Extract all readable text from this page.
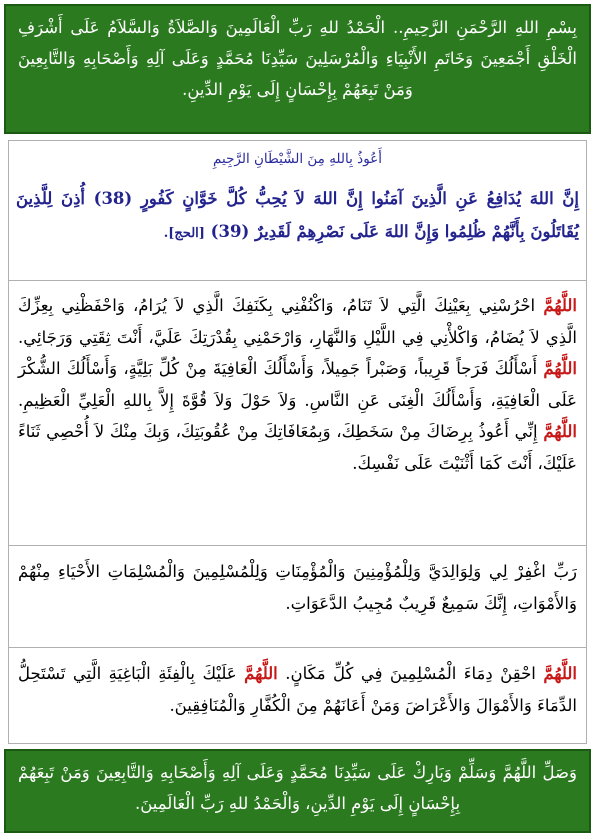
بِسْمِ اللهِ الرَّحْمَنِ الرَّحِيمِ.. الْحَمْدُ للهِ رَبِّ الْعَالَمِينَ وَالصَّلاَةُ وَالسَّلاَمُ عَلَى أَشْرَفِ الْخَلْقِ أَجْمَعِينَ وَخَاتَمِ الأَنْبِيَاءِ وَالْمُرْسَلِينَ سَيِّدِنَا مُحَمَّدٍ وَعَلَى آلِهِ وَأَصْحَابِهِ وَالتَّابِعِينَ وَمَنْ تَبِعَهُمْ بِإِحْسَانٍ إِلَى يَوْمِ الدِّينِ.
أَعُوذُ بِاللهِ مِنَ الشَّيْطَانِ الرَّجِيمِ
إِنَّ اللهَ يُدَافِعُ عَنِ الَّذِينَ آمَنُوا إِنَّ اللهَ لاَ يُحِبُّ كُلَّ خَوَّانٍ كَفُورٍ (38) أُذِنَ لِلَّذِينَ يُقَاتَلُونَ بِأَنَّهُمْ ظُلِمُوا وَإِنَّ اللهَ عَلَى نَصْرِهِمْ لَقَدِيرٌ (39) [الحج].
اللَّهُمَّ احْرُسْنِي بِعَيْنِكَ الَّتِي لاَ تَنَامُ، وَاكْنُفْنِي بِكَنَفِكَ الَّذِي لاَ يُرَامُ، وَاحْفَظْنِي بِعِزِّكَ الَّذِي لاَ يُضَامُ، وَاكْلأْنِي فِي اللَّيْلِ وَالنَّهَارِ، وَارْحَمْنِي بِقُدْرَتِكَ عَلَيَّ، أَنْتَ ثِقَتِي وَرَجَائِي. اللَّهُمَّ أَسْأَلُكَ فَرَجاً قَرِيباً، وَصَبْراً جَمِيلاً، وَأَسْأَلُكَ الْعَافِيَةَ مِنْ كُلِّ بَلِيَّةٍ، وَأَسْأَلُكَ الشُّكْرَ عَلَى الْعَافِيَةِ، وَأَسْأَلُكَ الْغِنَى عَنِ النَّاسِ. وَلاَ حَوْلَ وَلاَ قُوَّةَ إِلاَّ بِاللهِ الْعَلِيِّ الْعَظِيمِ. اللَّهُمَّ إِنِّي أَعُوذُ بِرِضَاكَ مِنْ سَخَطِكَ، وَبِمُعَافَاتِكَ مِنْ عُقُوبَتِكَ، وَبِكَ مِنْكَ لاَ أُحْصِي ثَنَاءً عَلَيْكَ، أَنْتَ كَمَا أَثْنَيْتَ عَلَى نَفْسِكَ.
رَبِّ اغْفِرْ لِي وَلِوَالِدَيَّ وَلِلْمُؤْمِنِينَ وَالْمُؤْمِنَاتِ وَلِلْمُسْلِمِينَ وَالْمُسْلِمَاتِ الأَحْيَاءِ مِنْهُمْ وَالأَمْوَاتِ، إِنَّكَ سَمِيعٌ قَرِيبٌ مُجِيبُ الدَّعَوَاتِ.
اللَّهُمَّ احْقِنْ دِمَاءَ الْمُسْلِمِينَ فِي كُلِّ مَكَانٍ. اللَّهُمَّ عَلَيْكَ بِالْفِئَةِ الْبَاغِيَةِ الَّتِي تَسْتَحِلُّ الدِّمَاءَ وَالأَمْوَالَ وَالأَعْرَاضَ وَمَنْ أَعَانَهُمْ مِنَ الْكُفَّارِ وَالْمُنَافِقِينَ.
وَصَلِّ اللَّهُمَّ وَسَلِّمْ وَبَارِكْ عَلَى سَيِّدِنَا مُحَمَّدٍ وَعَلَى آلِهِ وَأَصْحَابِهِ وَالتَّابِعِينَ وَمَنْ تَبِعَهُمْ بِإِحْسَانٍ إِلَى يَوْمِ الدِّينِ، وَالْحَمْدُ للهِ رَبِّ الْعَالَمِينَ.
